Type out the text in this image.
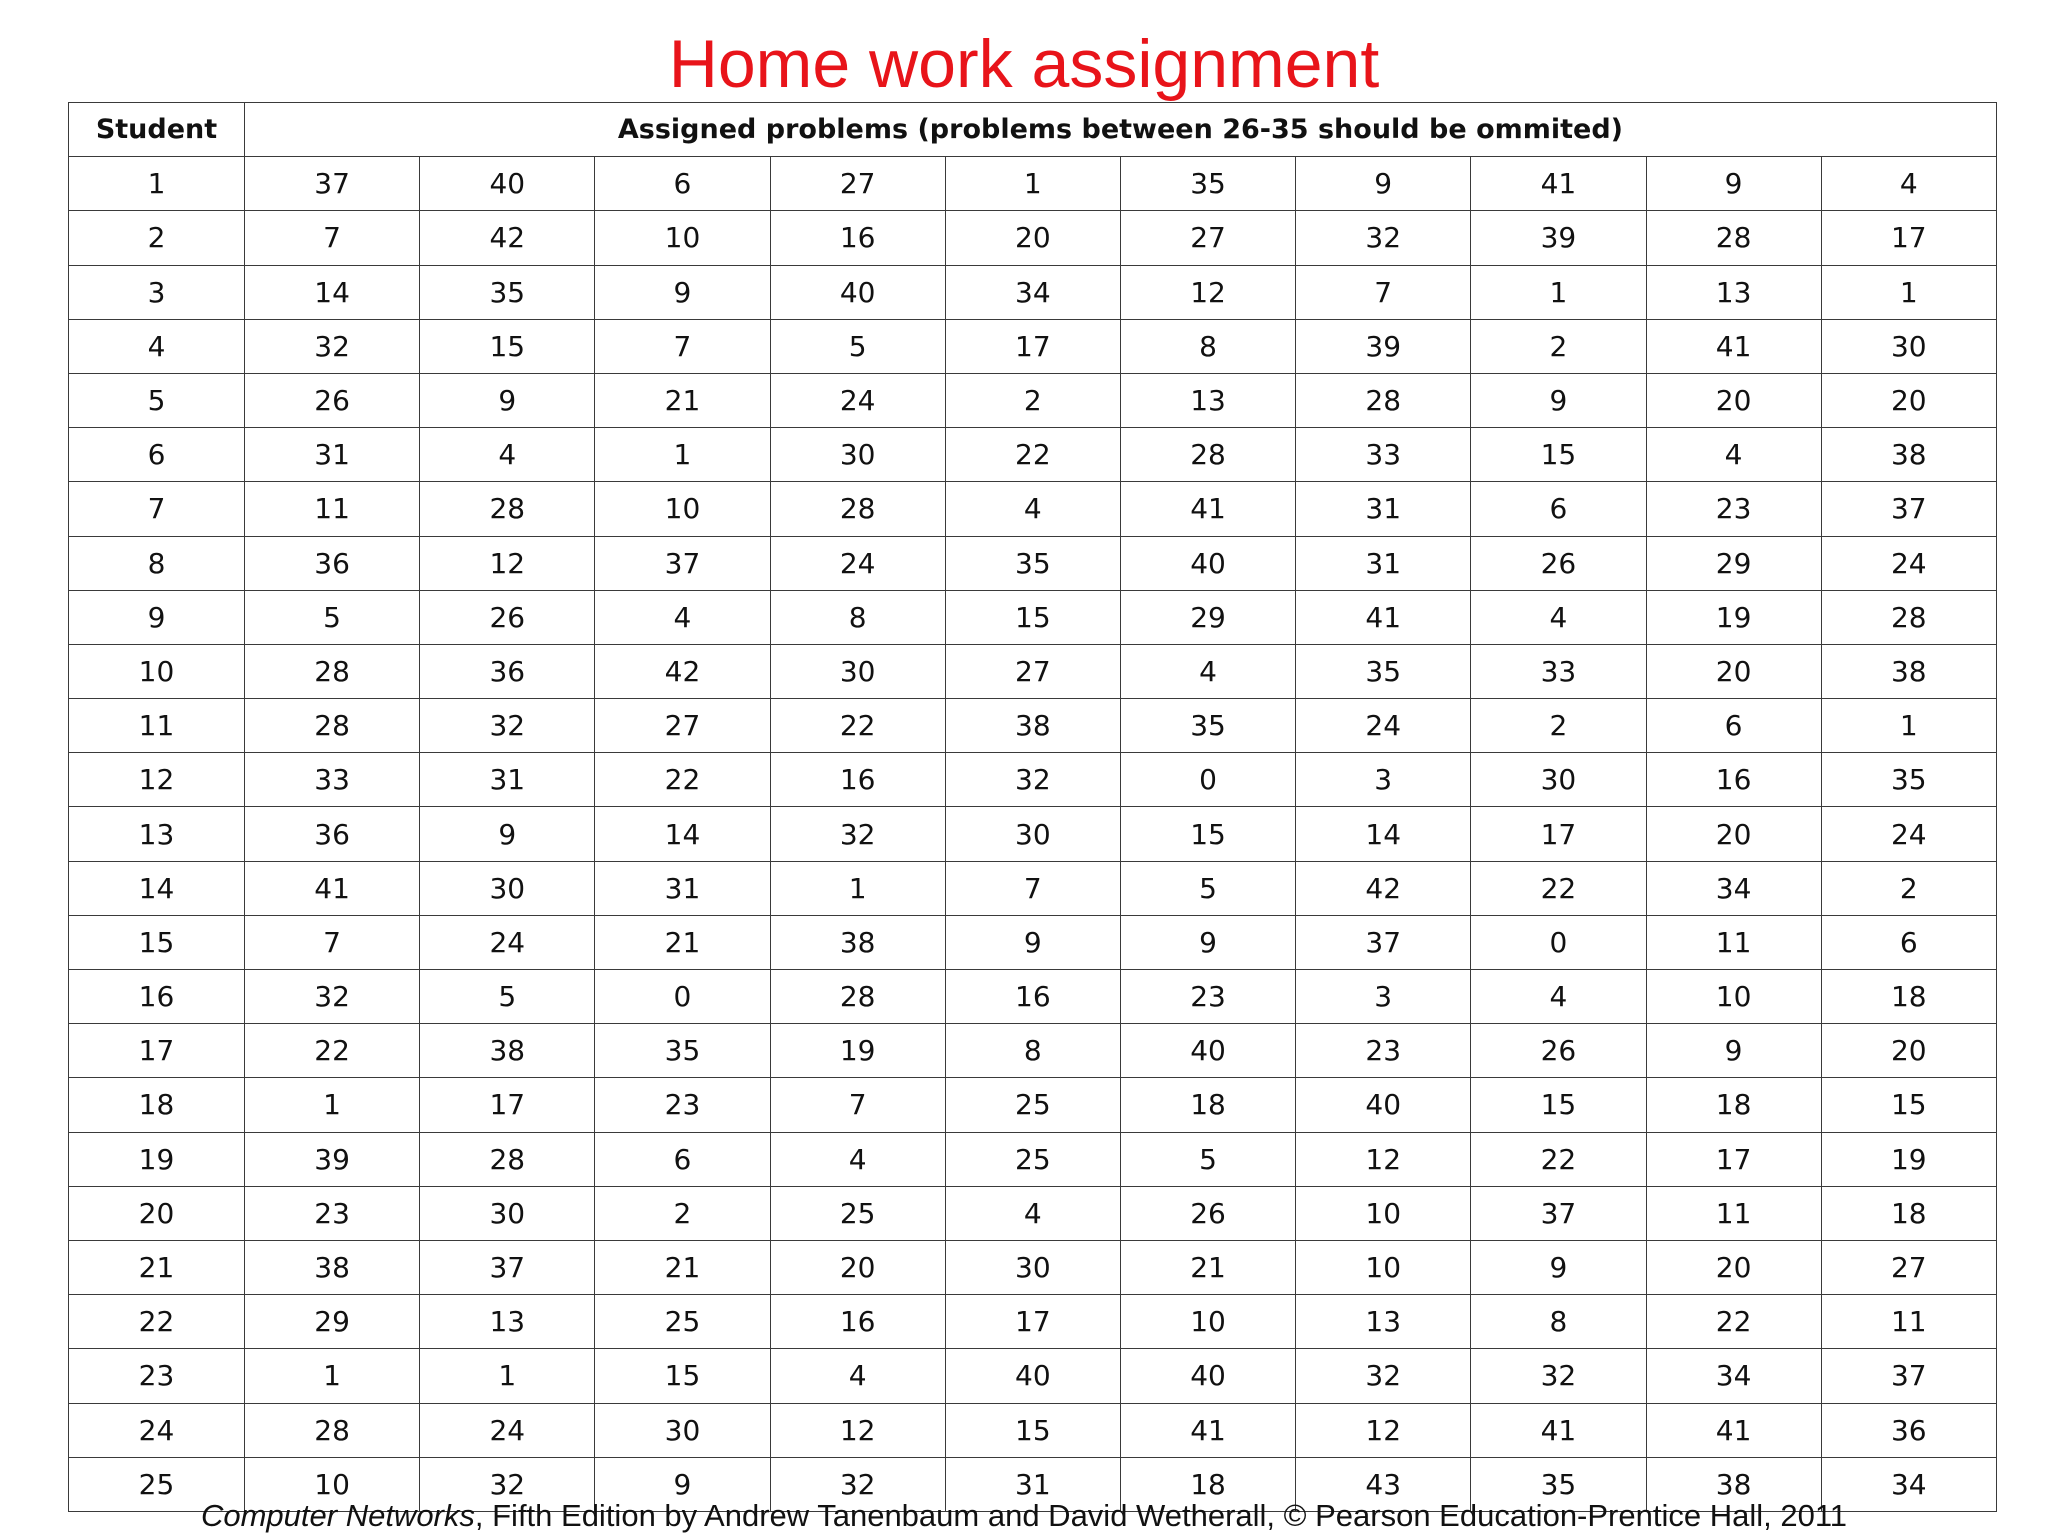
Home work assignment
Student	Assigned problems (problems between 26-35 should be ommited)									
1	37	40	6	27	1	35	9	41	9	4
2	7	42	10	16	20	27	32	39	28	17
3	14	35	9	40	34	12	7	1	13	1
4	32	15	7	5	17	8	39	2	41	30
5	26	9	21	24	2	13	28	9	20	20
6	31	4	1	30	22	28	33	15	4	38
7	11	28	10	28	4	41	31	6	23	37
8	36	12	37	24	35	40	31	26	29	24
9	5	26	4	8	15	29	41	4	19	28
10	28	36	42	30	27	4	35	33	20	38
11	28	32	27	22	38	35	24	2	6	1
12	33	31	22	16	32	0	3	30	16	35
13	36	9	14	32	30	15	14	17	20	24
14	41	30	31	1	7	5	42	22	34	2
15	7	24	21	38	9	9	37	0	11	6
16	32	5	0	28	16	23	3	4	10	18
17	22	38	35	19	8	40	23	26	9	20
18	1	17	23	7	25	18	40	15	18	15
19	39	28	6	4	25	5	12	22	17	19
20	23	30	2	25	4	26	10	37	11	18
21	38	37	21	20	30	21	10	9	20	27
22	29	13	25	16	17	10	13	8	22	11
23	1	1	15	4	40	40	32	32	34	37
24	28	24	30	12	15	41	12	41	41	36
25	10	32	9	32	31	18	43	35	38	34
Computer Networks, Fifth Edition by Andrew Tanenbaum and David Wetherall, © Pearson Education-Prentice Hall, 2011
